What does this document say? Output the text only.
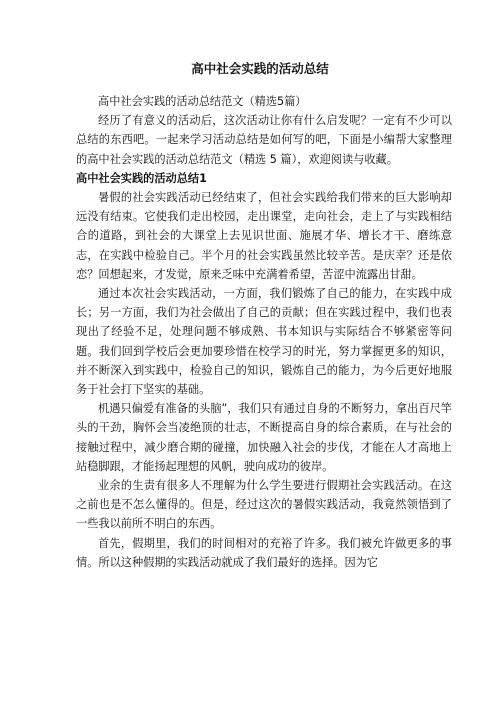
高中社会实践的活动总结

高中社会实践的活动总结范文（精选5篇）

经历了有意义的活动后，这次活动让你有什么启发呢？一定有不少可以总结的东西吧。一起来学习活动总结是如何写的吧，下面是小编帮大家整理的高中社会实践的活动总结范文（精选 5 篇），欢迎阅读与收藏。

高中社会实践的活动总结1

暑假的社会实践活动已经结束了，但社会实践给我们带来的巨大影响却远没有结束。它使我们走出校园，走出课堂，走向社会，走上了与实践相结合的道路，到社会的大课堂上去见识世面、施展才华、增长才干、磨练意志，在实践中检验自己。半个月的社会实践虽然比较辛苦。是庆幸？还是依恋？回想起来，才发觉，原来乏味中充满着希望，苦涩中流露出甘甜。

通过本次社会实践活动，一方面，我们锻炼了自己的能力，在实践中成长；另一方面，我们为社会做出了自己的贡献；但在实践过程中，我们也表现出了经验不足，处理问题不够成熟、书本知识与实际结合不够紧密等问题。我们回到学校后会更加要珍惜在校学习的时光，努力掌握更多的知识，并不断深入到实践中，检验自己的知识，锻炼自己的能力，为今后更好地服务于社会打下坚实的基础。

机遇只偏爱有准备的头脑”，我们只有通过自身的不断努力，拿出百尺竿头的干劲，胸怀会当凌绝顶的壮志，不断提高自身的综合素质，在与社会的接触过程中，减少磨合期的碰撞，加快融入社会的步伐，才能在人才高地上站稳脚跟，才能扬起理想的风帆，驶向成功的彼岸。

业余的生责有很多人不理解为什么学生要进行假期社会实践活动。在这之前也是不怎么懂得的。但是，经过这次的暑假实践活动，我竟然领悟到了一些我以前所不明白的东西。

首先，假期里，我们的时间相对的充裕了许多。我们被允许做更多的事情。所以这种假期的实践活动就成了我们最好的选择。因为它
